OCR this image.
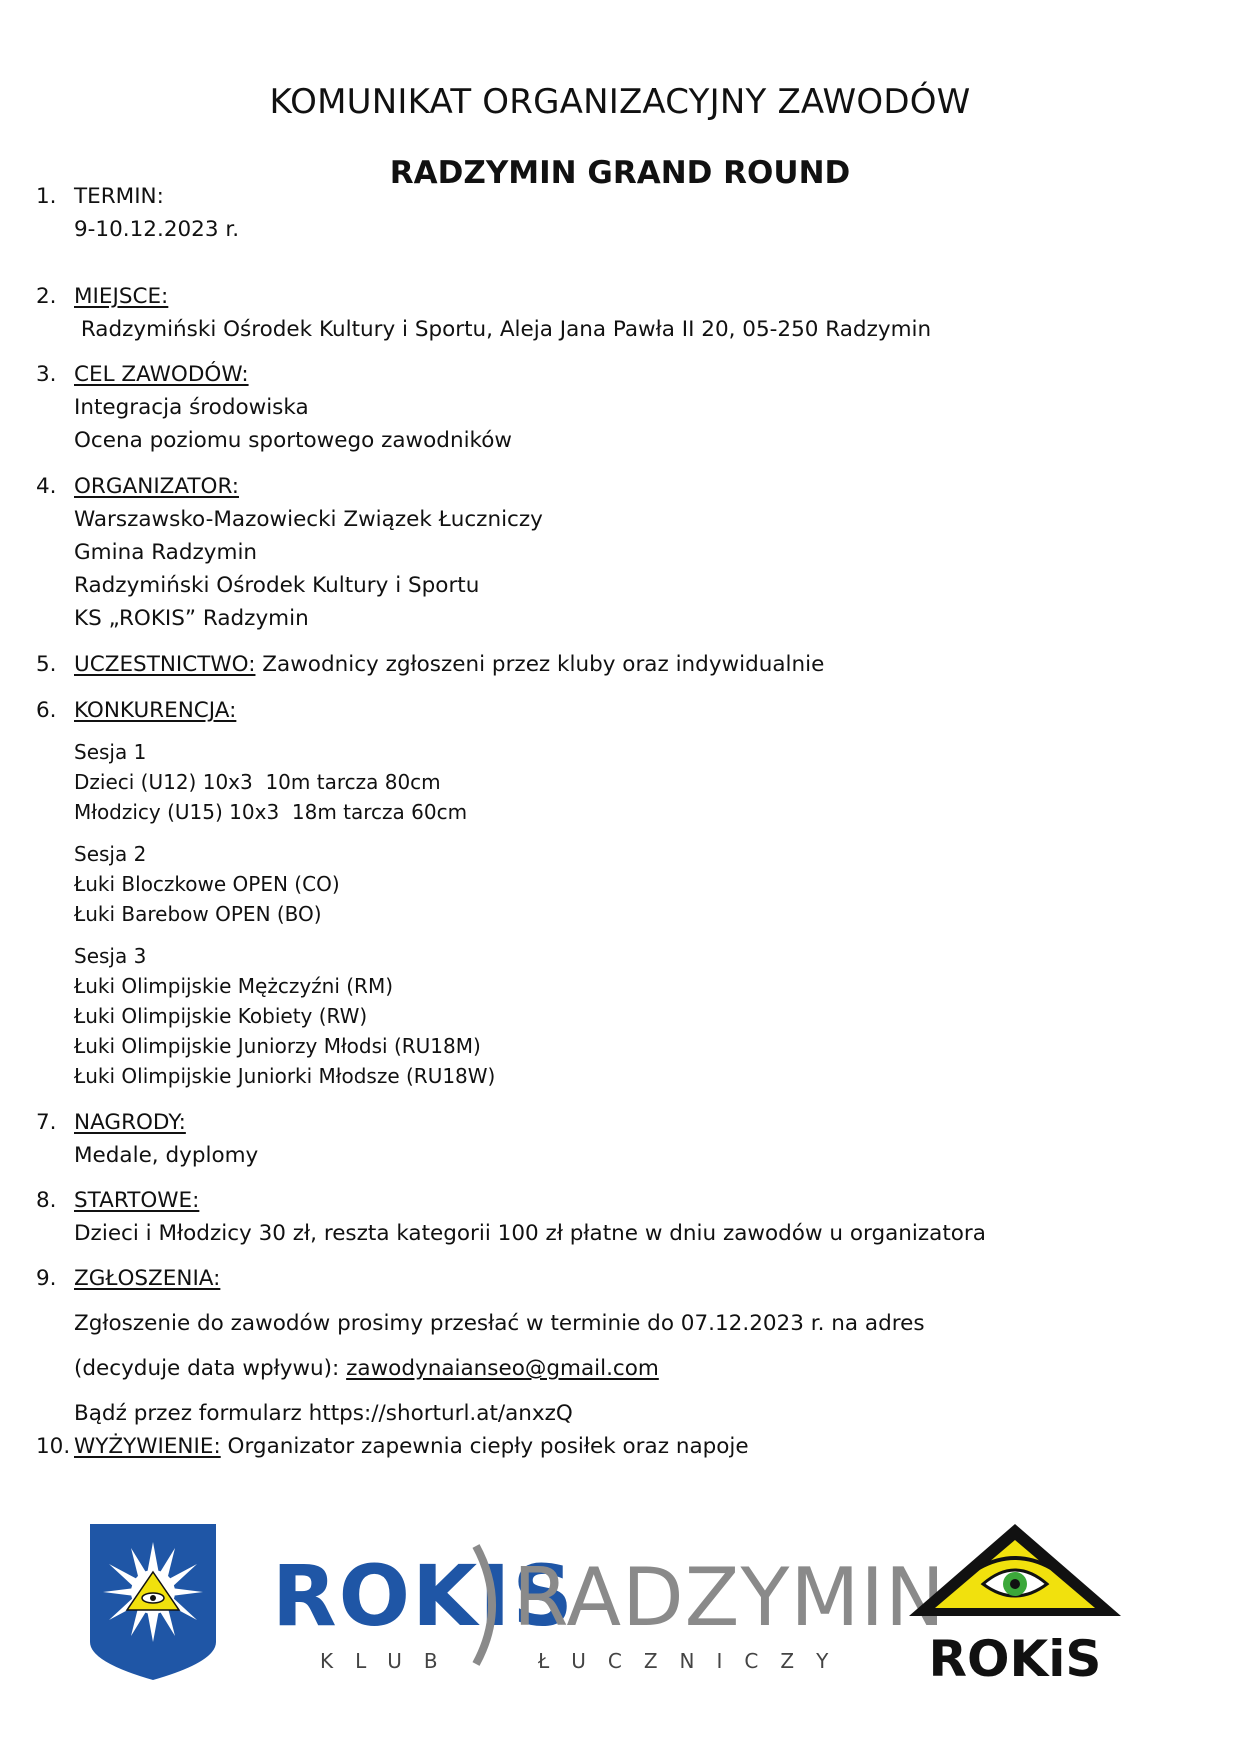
KOMUNIKAT ORGANIZACYJNY ZAWODÓW
RADZYMIN GRAND ROUND
1. TERMIN:
9-10.12.2023 r.
2. MIEJSCE:
Radzymiński Ośrodek Kultury i Sportu, Aleja Jana Pawła II 20, 05-250 Radzymin
3. CEL ZAWODÓW:
Integracja środowiska
Ocena poziomu sportowego zawodników
4. ORGANIZATOR:
Warszawsko-Mazowiecki Związek Łuczniczy
Gmina Radzymin
Radzymiński Ośrodek Kultury i Sportu
KS „ROKIS” Radzymin
5. UCZESTNICTWO: Zawodnicy zgłoszeni przez kluby oraz indywidualnie
6. KONKURENCJA:
Sesja 1
Dzieci (U12) 10x3  10m tarcza 80cm
Młodzicy (U15) 10x3  18m tarcza 60cm
Sesja 2
Łuki Bloczkowe OPEN (CO)
Łuki Barebow OPEN (BO)
Sesja 3
Łuki Olimpijskie Mężczyźni (RM)
Łuki Olimpijskie Kobiety (RW)
Łuki Olimpijskie Juniorzy Młodsi (RU18M)
Łuki Olimpijskie Juniorki Młodsze (RU18W)
7. NAGRODY:
Medale, dyplomy
8. STARTOWE:
Dzieci i Młodzicy 30 zł, reszta kategorii 100 zł płatne w dniu zawodów u organizatora
9. ZGŁOSZENIA:
Zgłoszenie do zawodów prosimy przesłać w terminie do 07.12.2023 r. na adres
(decyduje data wpływu): zawodynaianseo@gmail.com
Bądź przez formularz https://shorturl.at/anxzQ
10. WYŻYWIENIE: Organizator zapewnia ciepły posiłek oraz napoje
ROKIS
KLUB
RADZYMIN
ŁUCZNICZY ROKiS
